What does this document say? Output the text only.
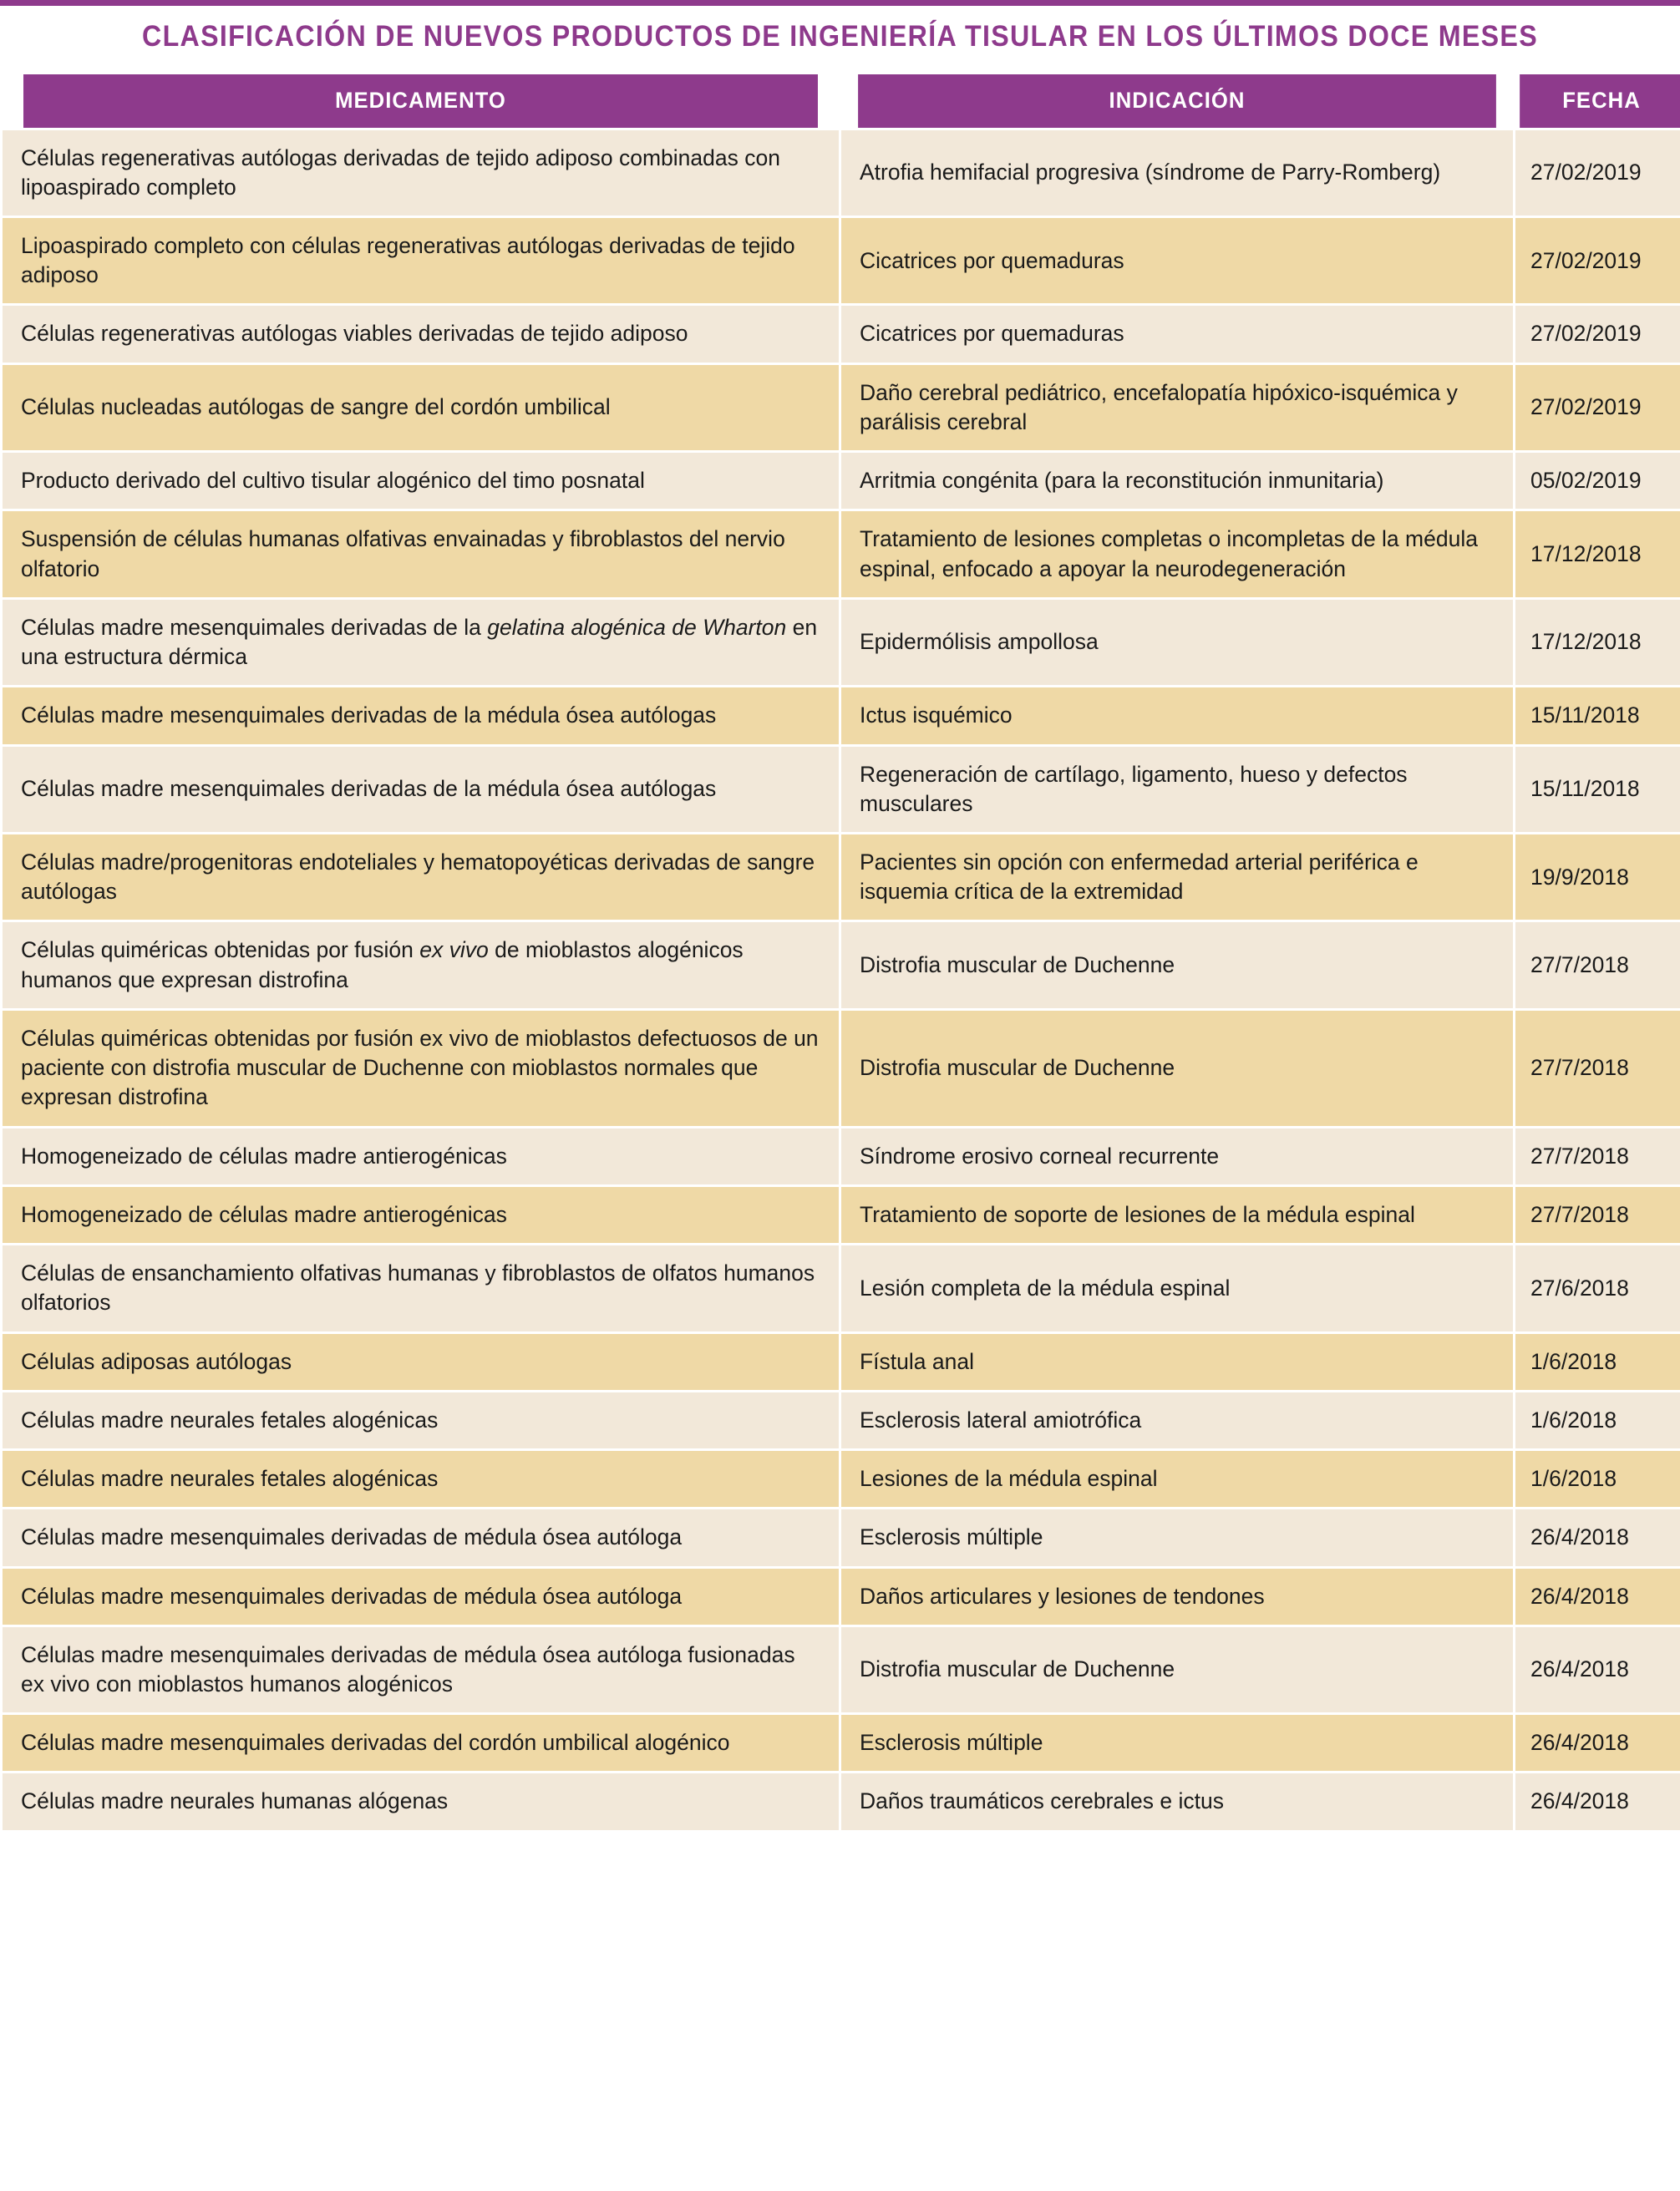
CLASIFICACIÓN DE NUEVOS PRODUCTOS DE INGENIERÍA TISULAR EN LOS ÚLTIMOS DOCE MESES
MEDICAMENTO	INDICACIÓN	FECHA
Células regenerativas autólogas derivadas de tejido adiposo combinadas con lipoaspirado completo	Atrofia hemifacial progresiva (síndrome de Parry-Romberg)	27/02/2019
Lipoaspirado completo con células regenerativas autólogas derivadas de tejido adiposo	Cicatrices por quemaduras	27/02/2019
Células regenerativas autólogas viables derivadas de tejido adiposo	Cicatrices por quemaduras	27/02/2019
Células nucleadas autólogas de sangre del cordón umbilical	Daño cerebral pediátrico, encefalopatía hipóxico-isquémica y parálisis cerebral	27/02/2019
Producto derivado del cultivo tisular alogénico del timo posnatal	Arritmia congénita (para la reconstitución inmunitaria)	05/02/2019
Suspensión de células humanas olfativas envainadas y fibroblastos del nervio olfatorio	Tratamiento de lesiones completas o incompletas de la médula espinal, enfocado a apoyar la neurodegeneración	17/12/2018
Células madre mesenquimales derivadas de la gelatina alogénica de Wharton en una estructura dérmica	Epidermólisis ampollosa	17/12/2018
Células madre mesenquimales derivadas de la médula ósea autólogas	Ictus isquémico	15/11/2018
Células madre mesenquimales derivadas de la médula ósea autólogas	Regeneración de cartílago, ligamento, hueso y defectos musculares	15/11/2018
Células madre/progenitoras endoteliales y hematopoyéticas derivadas de sangre autólogas	Pacientes sin opción con enfermedad arterial periférica e isquemia crítica de la extremidad	19/9/2018
Células quiméricas obtenidas por fusión ex vivo de mioblastos alogénicos humanos que expresan distrofina	Distrofia muscular de Duchenne	27/7/2018
Células quiméricas obtenidas por fusión ex vivo de mioblastos defectuosos de un paciente con distrofia muscular de Duchenne con mioblastos normales que expresan distrofina	Distrofia muscular de Duchenne	27/7/2018
Homogeneizado de células madre antierogénicas	Síndrome erosivo corneal recurrente	27/7/2018
Homogeneizado de células madre antierogénicas	Tratamiento de soporte de lesiones de la médula espinal	27/7/2018
Células de ensanchamiento olfativas humanas y fibroblastos de olfatos humanos olfatorios	Lesión completa de la médula espinal	27/6/2018
Células adiposas autólogas	Fístula anal	1/6/2018
Células madre neurales fetales alogénicas	Esclerosis lateral amiotrófica	1/6/2018
Células madre neurales fetales alogénicas	Lesiones de la médula espinal	1/6/2018
Células madre mesenquimales derivadas de médula ósea autóloga	Esclerosis múltiple	26/4/2018
Células madre mesenquimales derivadas de médula ósea autóloga	Daños articulares y lesiones de tendones	26/4/2018
Células madre mesenquimales derivadas de médula ósea autóloga fusionadas ex vivo con mioblastos humanos alogénicos	Distrofia muscular de Duchenne	26/4/2018
Células madre mesenquimales derivadas del cordón umbilical alogénico	Esclerosis múltiple	26/4/2018
Células madre neurales humanas alógenas	Daños traumáticos cerebrales e ictus	26/4/2018
